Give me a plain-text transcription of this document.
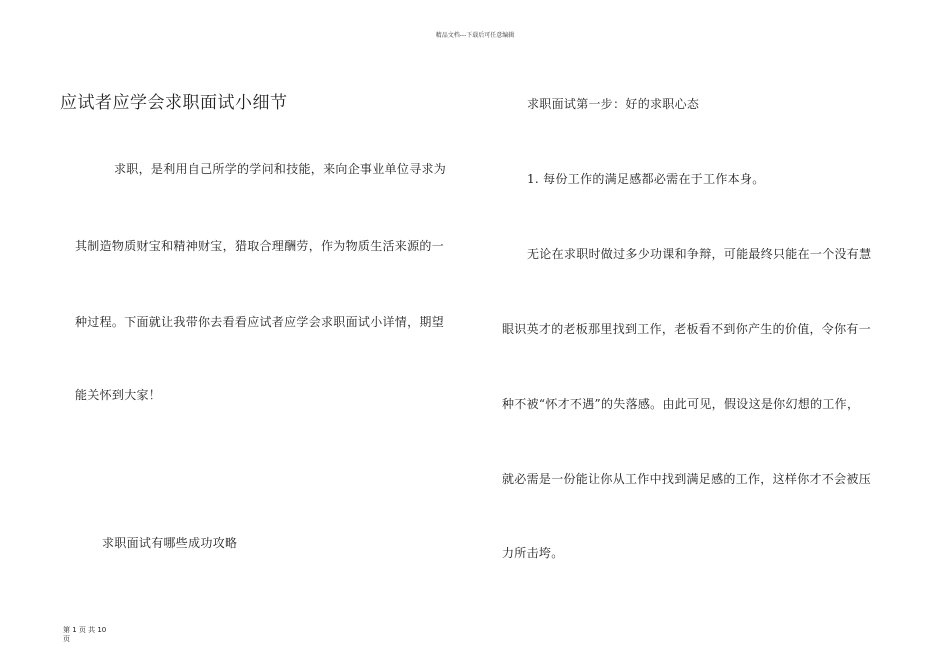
精品文档---下载后可任意编辑
应试者应学会求职面试小细节
求职，是利用自己所学的学问和技能，来向企事业单位寻求为
其制造物质财宝和精神财宝，猎取合理酬劳，作为物质生活来源的一
种过程。下面就让我带你去看看应试者应学会求职面试小详情，期望
能关怀到大家！
求职面试有哪些成功攻略
求职面试第一步：好的求职心态
1. 每份工作的满足感都必需在于工作本身。
无论在求职时做过多少功课和争辩，可能最终只能在一个没有慧
眼识英才的老板那里找到工作，老板看不到你产生的价值，令你有一
种不被“怀才不遇”的失落感。由此可见，假设这是你幻想的工作，
就必需是一份能让你从工作中找到满足感的工作，这样你才不会被压
力所击垮。
第 1 页 共 10
页
